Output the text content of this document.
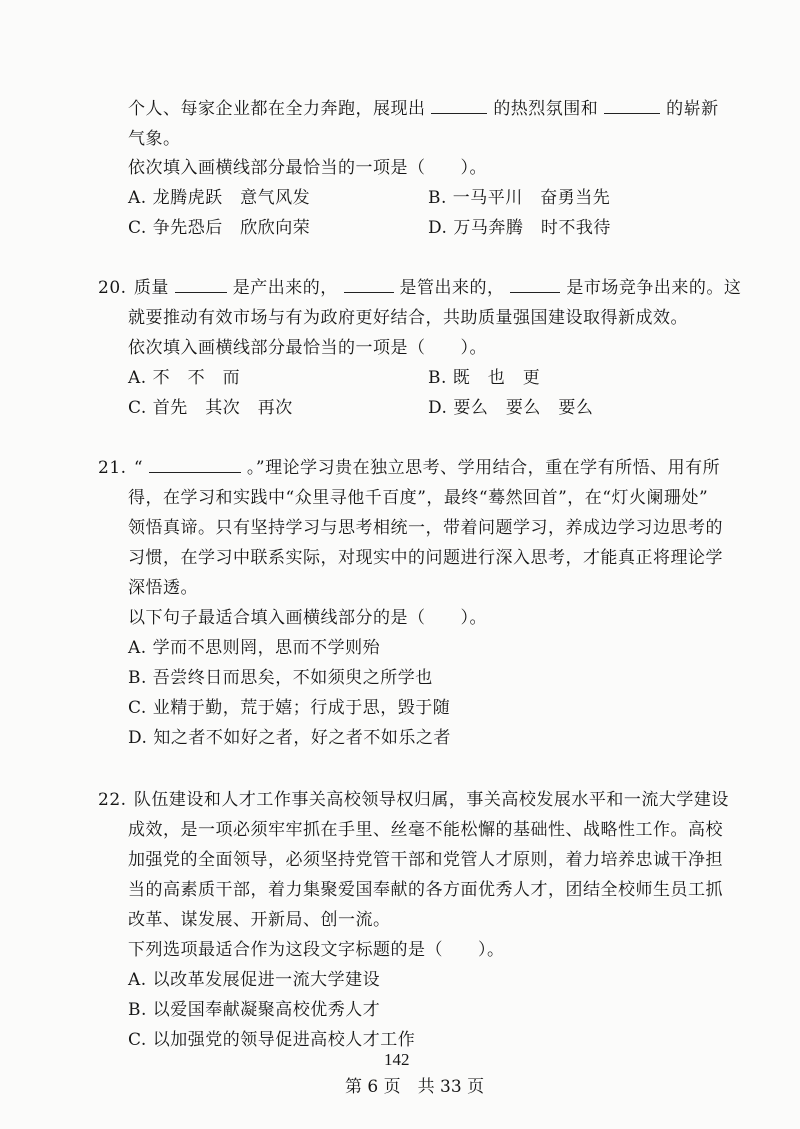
个人、每家企业都在全力奔跑，展现出	的热烈氛围和	的崭新
气象。
依次填入画横线部分最恰当的一项是（　　）。
A. 龙腾虎跃　意气风发	B. 一马平川　奋勇当先
C. 争先恐后　欣欣向荣	D. 万马奔腾　时不我待
20. 质量	是产出来的，	是管出来的，	是市场竞争出来的。这
就要推动有效市场与有为政府更好结合，共助质量强国建设取得新成效。
依次填入画横线部分最恰当的一项是（　　）。
A. 不　不　而	B. 既　也　更
C. 首先　其次　再次	D. 要么　要么　要么
21. “	。”理论学习贵在独立思考、学用结合，重在学有所悟、用有所
得，在学习和实践中“众里寻他千百度”，最终“蓦然回首”，在“灯火阑珊处”
领悟真谛。只有坚持学习与思考相统一，带着问题学习，养成边学习边思考的
习惯，在学习中联系实际，对现实中的问题进行深入思考，才能真正将理论学
深悟透。
以下句子最适合填入画横线部分的是（　　）。
A. 学而不思则罔，思而不学则殆
B. 吾尝终日而思矣，不如须臾之所学也
C. 业精于勤，荒于嬉；行成于思，毁于随
D. 知之者不如好之者，好之者不如乐之者
22. 队伍建设和人才工作事关高校领导权归属，事关高校发展水平和一流大学建设
成效，是一项必须牢牢抓在手里、丝毫不能松懈的基础性、战略性工作。高校
加强党的全面领导，必须坚持党管干部和党管人才原则，着力培养忠诚干净担
当的高素质干部，着力集聚爱国奉献的各方面优秀人才，团结全校师生员工抓
改革、谋发展、开新局、创一流。
下列选项最适合作为这段文字标题的是（　　）。
A. 以改革发展促进一流大学建设
B. 以爱国奉献凝聚高校优秀人才
C. 以加强党的领导促进高校人才工作
142
第 6 页　共 33 页
